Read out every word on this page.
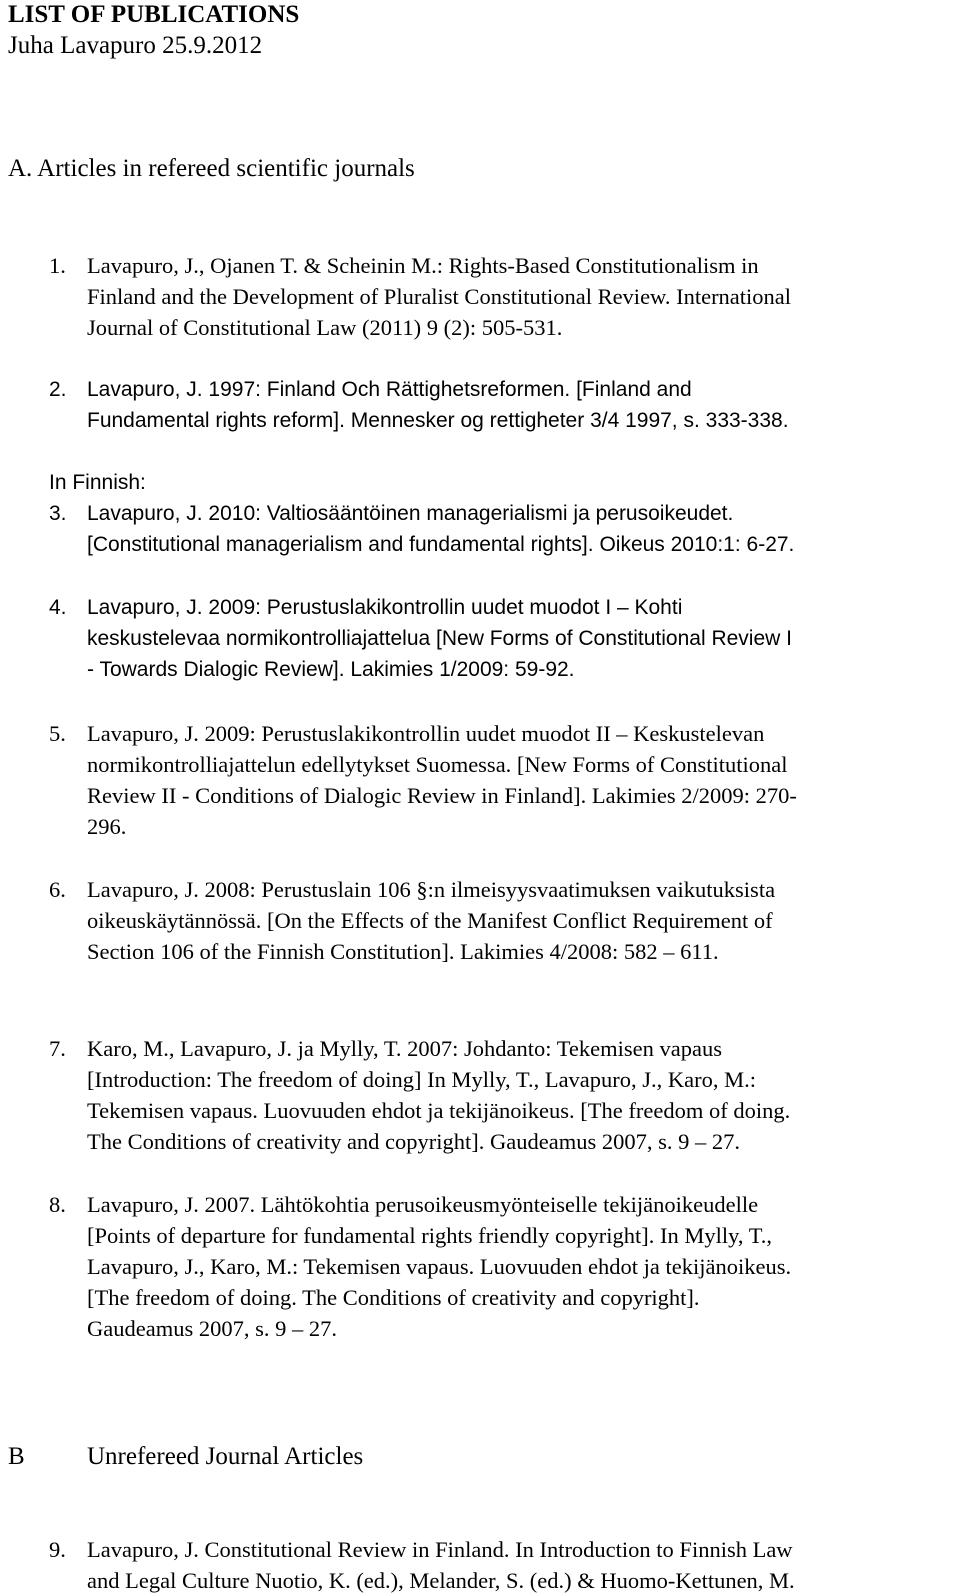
LIST OF PUBLICATIONS
Juha Lavapuro 25.9.2012
A. Articles in refereed scientific journals
1. Lavapuro, J., Ojanen T. & Scheinin M.: Rights-Based Constitutionalism in
Finland and the Development of Pluralist Constitutional Review. International
Journal of Constitutional Law (2011) 9 (2): 505-531.
2. Lavapuro, J. 1997: Finland Och Rättighetsreformen. [Finland and
Fundamental rights reform]. Mennesker og rettigheter 3/4 1997, s. 333-338.
In Finnish:
3. Lavapuro, J. 2010: Valtiosääntöinen managerialismi ja perusoikeudet.
[Constitutional managerialism and fundamental rights]. Oikeus 2010:1: 6-27.
4. Lavapuro, J. 2009: Perustuslakikontrollin uudet muodot I – Kohti
keskustelevaa normikontrolliajattelua [New Forms of Constitutional Review I
- Towards Dialogic Review]. Lakimies 1/2009: 59-92.
5. Lavapuro, J. 2009: Perustuslakikontrollin uudet muodot II – Keskustelevan
normikontrolliajattelun edellytykset Suomessa. [New Forms of Constitutional
Review II - Conditions of Dialogic Review in Finland]. Lakimies 2/2009: 270-
296.
6. Lavapuro, J. 2008: Perustuslain 106 §:n ilmeisyysvaatimuksen vaikutuksista
oikeuskäytännössä. [On the Effects of the Manifest Conflict Requirement of
Section 106 of the Finnish Constitution]. Lakimies 4/2008: 582 – 611.
7. Karo, M., Lavapuro, J. ja Mylly, T. 2007: Johdanto: Tekemisen vapaus
[Introduction: The freedom of doing] In Mylly, T., Lavapuro, J., Karo, M.:
Tekemisen vapaus. Luovuuden ehdot ja tekijänoikeus. [The freedom of doing.
The Conditions of creativity and copyright]. Gaudeamus 2007, s. 9 – 27.
8. Lavapuro, J. 2007. Lähtökohtia perusoikeusmyönteiselle tekijänoikeudelle
[Points of departure for fundamental rights friendly copyright]. In Mylly, T.,
Lavapuro, J., Karo, M.: Tekemisen vapaus. Luovuuden ehdot ja tekijänoikeus.
[The freedom of doing. The Conditions of creativity and copyright].
Gaudeamus 2007, s. 9 – 27.
B Unrefereed Journal Articles
9. Lavapuro, J. Constitutional Review in Finland. In Introduction to Finnish Law
and Legal Culture Nuotio, K. (ed.), Melander, S. (ed.) & Huomo-Kettunen, M.
